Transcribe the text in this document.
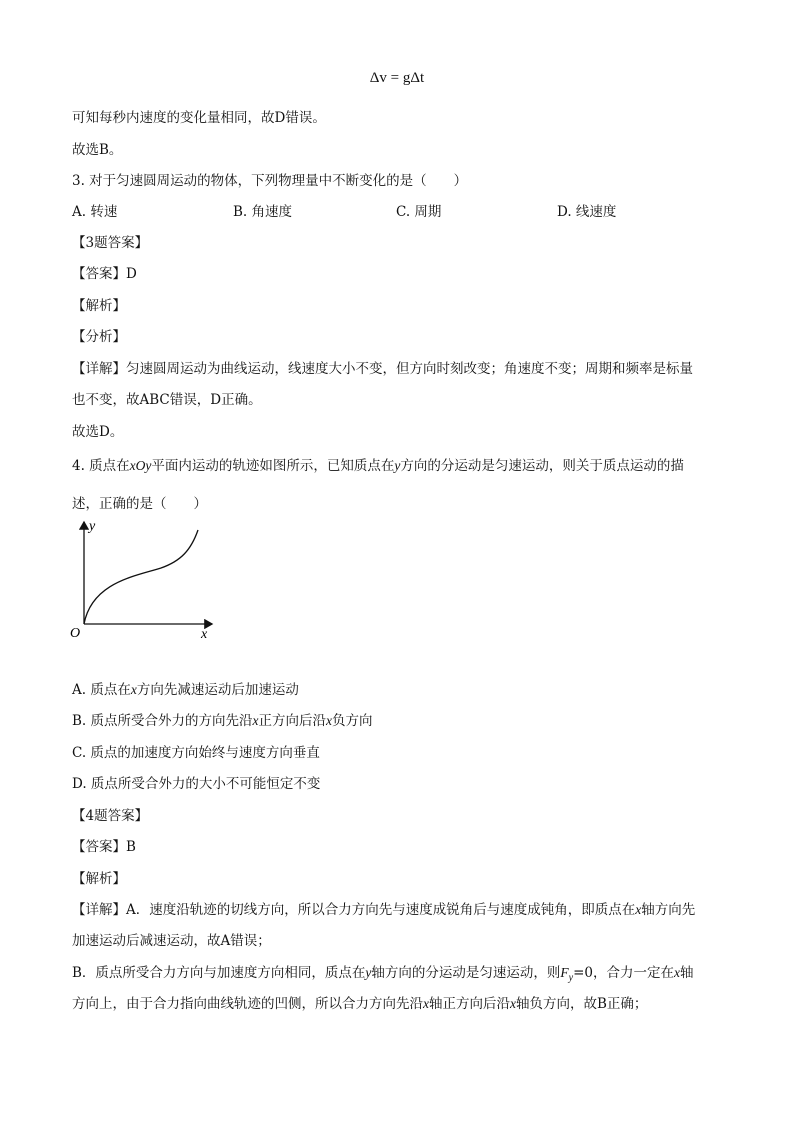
Δv = gΔt
可知每秒内速度的变化量相同，故D错误。
故选B。
3. 对于匀速圆周运动的物体，下列物理量中不断变化的是（　　）
A. 转速	B. 角速度	C. 周期	D. 线速度
【3题答案】
【答案】D
【解析】
【分析】
【详解】匀速圆周运动为曲线运动，线速度大小不变，但方向时刻改变；角速度不变；周期和频率是标量
也不变，故ABC错误，D正确。
故选D。
4. 质点在xOy平面内运动的轨迹如图所示，已知质点在y方向的分运动是匀速运动，则关于质点运动的描
述，正确的是（　　）
y
x
O
A. 质点在x方向先减速运动后加速运动
B. 质点所受合外力的方向先沿x正方向后沿x负方向
C. 质点的加速度方向始终与速度方向垂直
D. 质点所受合外力的大小不可能恒定不变
【4题答案】
【答案】B
【解析】
【详解】A．速度沿轨迹的切线方向，所以合力方向先与速度成锐角后与速度成钝角，即质点在x轴方向先
加速运动后减速运动，故A错误；
B．质点所受合力方向与加速度方向相同，质点在y轴方向的分运动是匀速运动，则$F_y=0$，合力一定在x轴
方向上，由于合力指向曲线轨迹的凹侧，所以合力方向先沿x轴正方向后沿x轴负方向，故B正确；
